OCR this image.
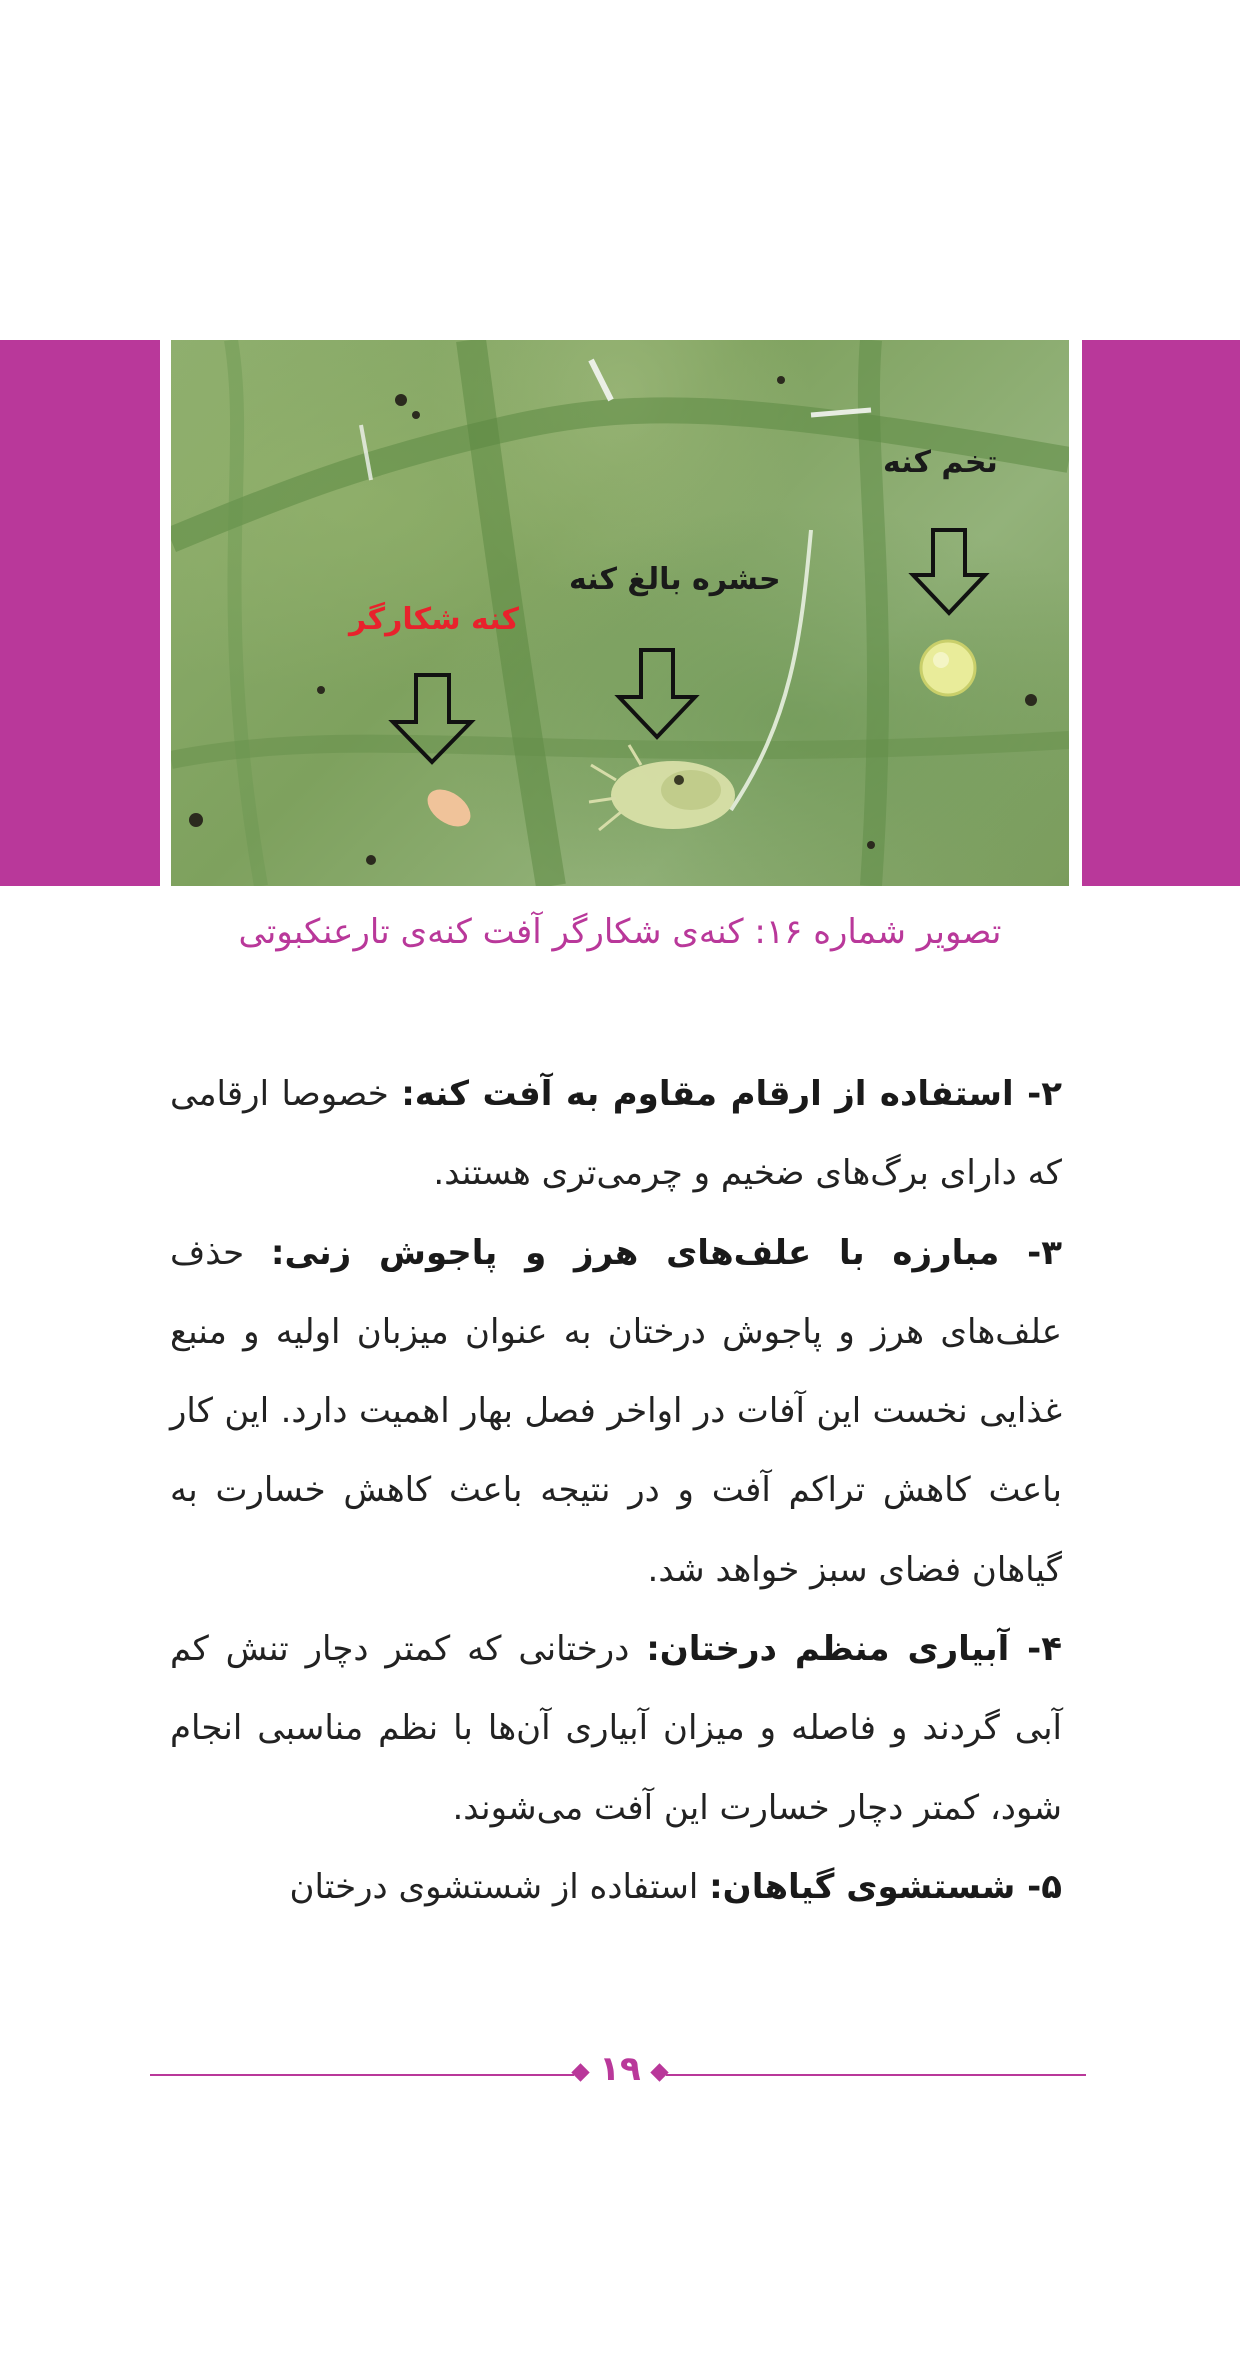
تخم کنه
حشره بالغ کنه
کنه شکارگر
تصویر شماره ۱۶: کنه‌ی شکارگر آفت کنه‌ی تارعنکبوتی

۲- استفاده از ارقام مقاوم به آفت کنه: خصوصا ارقامی که دارای برگ‌های ضخیم و چرمی‌تری هستند.

۳- مبارزه با علف‌های هرز و پاجوش زنی: حذف علف‌های هرز و پاجوش درختان به عنوان میزبان اولیه و منبع غذایی نخست این آفات در اواخر فصل بهار اهمیت دارد. این کار باعث کاهش تراکم آفت و در نتیجه باعث کاهش خسارت به گیاهان فضای سبز خواهد شد.

۴- آبیاری منظم درختان: درختانی که کمتر دچار تنش کم آبی گردند و فاصله و میزان آبیاری آن‌ها با نظم مناسبی انجام شود، کمتر دچار خسارت این آفت می‌شوند.

۵- شستشوی گیاهان: استفاده از شستشوی درختان

۱۹
